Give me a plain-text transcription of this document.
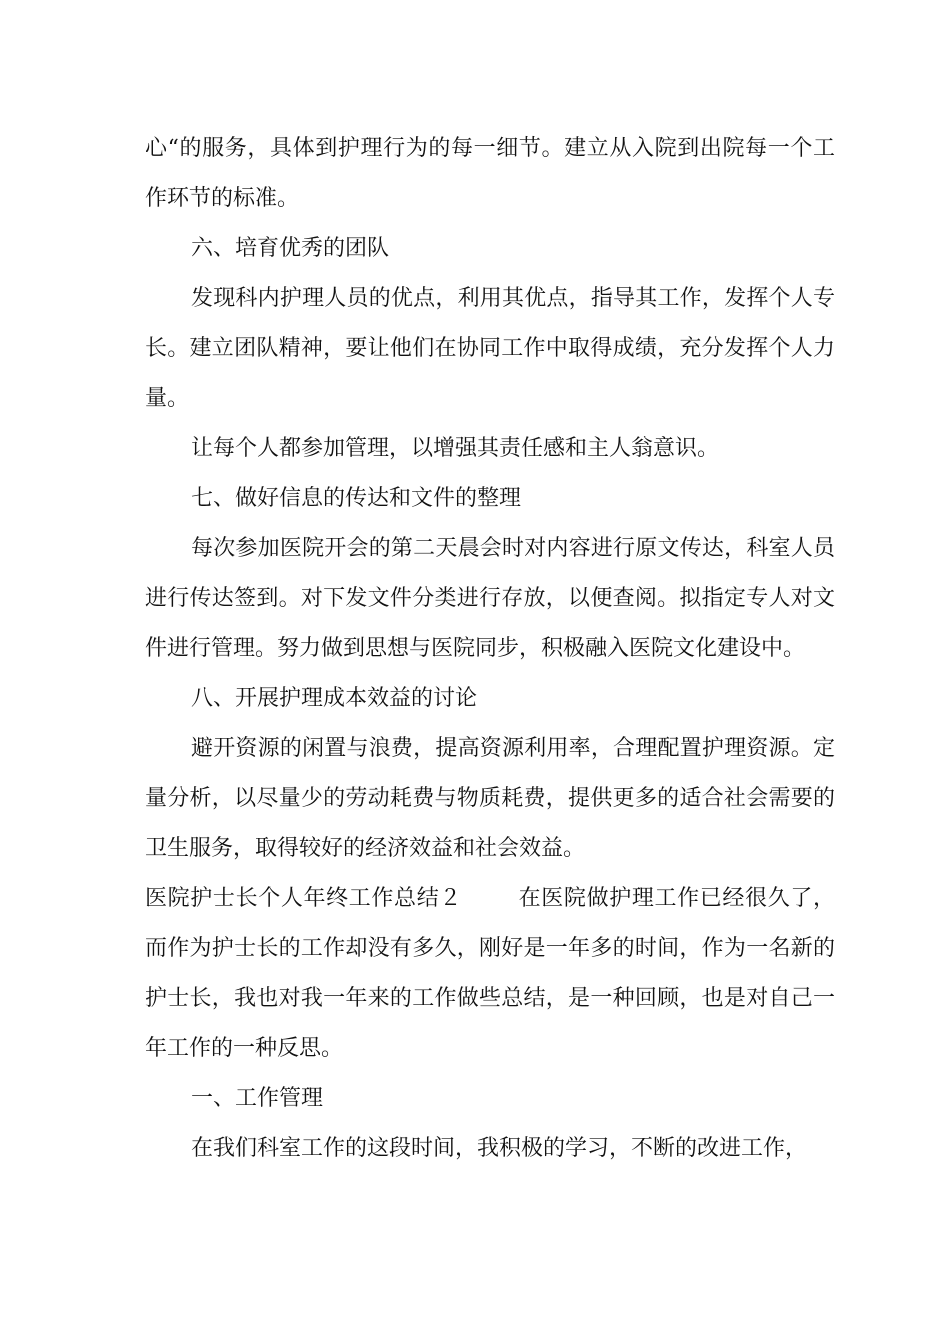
心“的服务，具体到护理行为的每一细节。建立从入院到出院每一个工作环节的标准。

六、培育优秀的团队

发现科内护理人员的优点，利用其优点，指导其工作，发挥个人专长。建立团队精神，要让他们在协同工作中取得成绩，充分发挥个人力量。

让每个人都参加管理，以增强其责任感和主人翁意识。

七、做好信息的传达和文件的整理

每次参加医院开会的第二天晨会时对内容进行原文传达，科室人员进行传达签到。对下发文件分类进行存放，以便查阅。拟指定专人对文件进行管理。努力做到思想与医院同步，积极融入医院文化建设中。

八、开展护理成本效益的讨论

避开资源的闲置与浪费，提高资源利用率，合理配置护理资源。定量分析，以尽量少的劳动耗费与物质耗费，提供更多的适合社会需要的卫生服务，取得较好的经济效益和社会效益。

医院护士长个人年终工作总结２	在医院做护理工作已经很久了，而作为护士长的工作却没有多久，刚好是一年多的时间，作为一名新的护士长，我也对我一年来的工作做些总结，是一种回顾，也是对自己一年工作的一种反思。

一、工作管理

在我们科室工作的这段时间，我积极的学习，不断的改进工作，
